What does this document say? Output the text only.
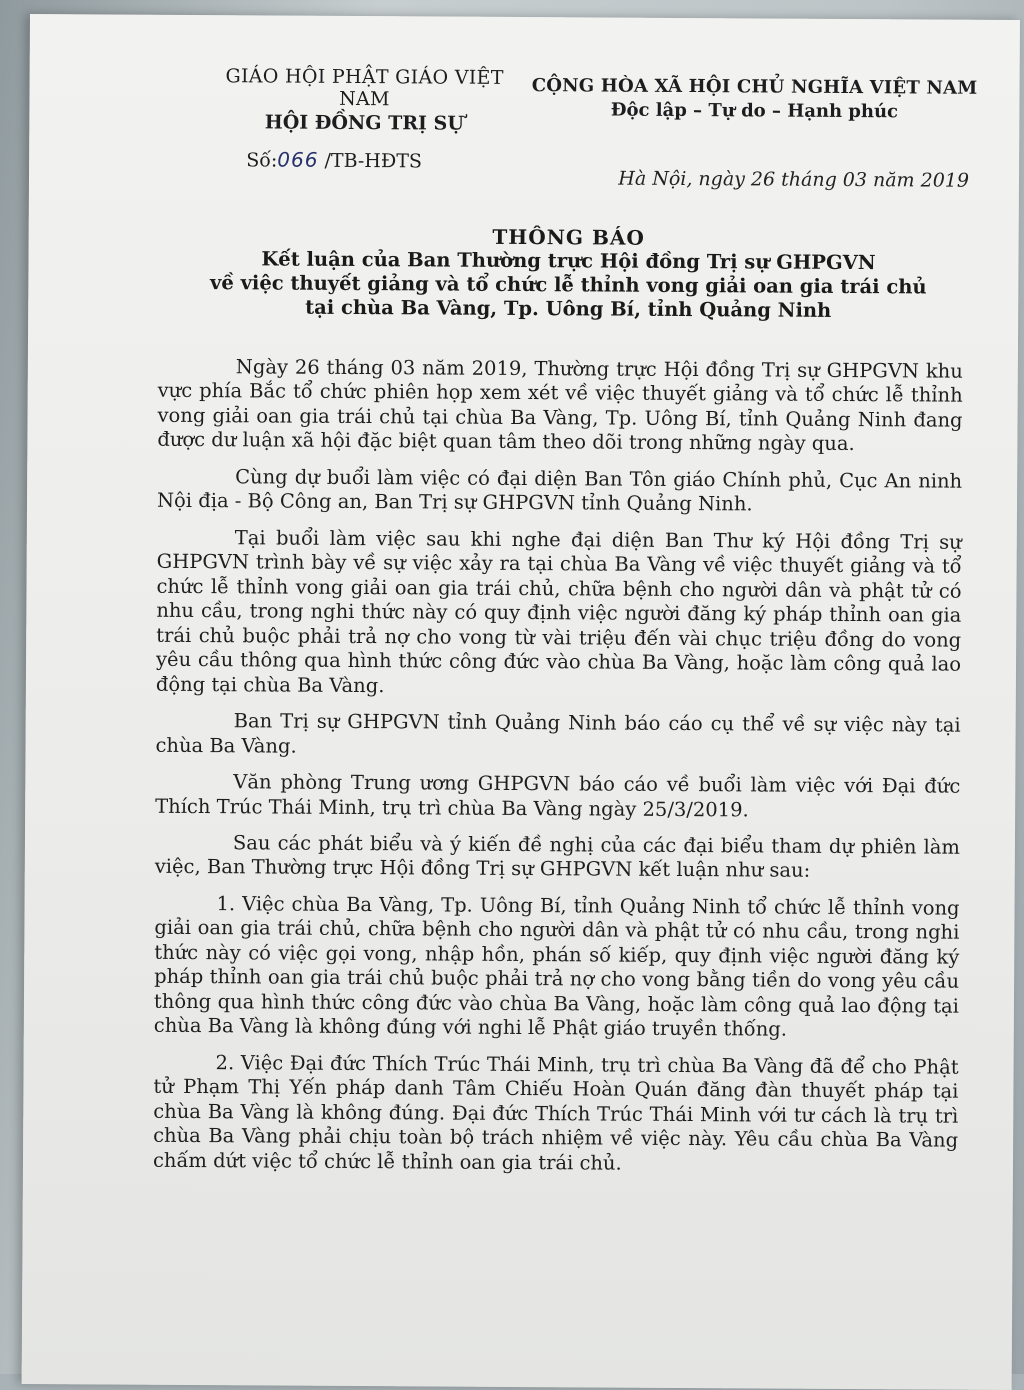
GIÁO HỘI PHẬT GIÁO VIỆT NAM
HỘI ĐỒNG TRỊ SỰ
Số:066 /TB-HĐTS
CỘNG HÒA XÃ HỘI CHỦ NGHĨA VIỆT NAM
Độc lập – Tự do – Hạnh phúc
Hà Nội, ngày 26 tháng 03 năm 2019
THÔNG BÁO
Kết luận của Ban Thường trực Hội đồng Trị sự GHPGVN
về việc thuyết giảng và tổ chức lễ thỉnh vong giải oan gia trái chủ
tại chùa Ba Vàng, Tp. Uông Bí, tỉnh Quảng Ninh

Ngày 26 tháng 03 năm 2019, Thường trực Hội đồng Trị sự GHPGVN khu vực phía Bắc tổ chức phiên họp xem xét về việc thuyết giảng và tổ chức lễ thỉnh vong giải oan gia trái chủ tại chùa Ba Vàng, Tp. Uông Bí, tỉnh Quảng Ninh đang được dư luận xã hội đặc biệt quan tâm theo dõi trong những ngày qua.

Cùng dự buổi làm việc có đại diện Ban Tôn giáo Chính phủ, Cục An ninh Nội địa - Bộ Công an, Ban Trị sự GHPGVN tỉnh Quảng Ninh.

Tại buổi làm việc sau khi nghe đại diện Ban Thư ký Hội đồng Trị sự GHPGVN trình bày về sự việc xảy ra tại chùa Ba Vàng về việc thuyết giảng và tổ chức lễ thỉnh vong giải oan gia trái chủ, chữa bệnh cho người dân và phật tử có nhu cầu, trong nghi thức này có quy định việc người đăng ký pháp thỉnh oan gia trái chủ buộc phải trả nợ cho vong từ vài triệu đến vài chục triệu đồng do vong yêu cầu thông qua hình thức công đức vào chùa Ba Vàng, hoặc làm công quả lao động tại chùa Ba Vàng.

Ban Trị sự GHPGVN tỉnh Quảng Ninh báo cáo cụ thể về sự việc này tại chùa Ba Vàng.

Văn phòng Trung ương GHPGVN báo cáo về buổi làm việc với Đại đức Thích Trúc Thái Minh, trụ trì chùa Ba Vàng ngày 25/3/2019.

Sau các phát biểu và ý kiến đề nghị của các đại biểu tham dự phiên làm việc, Ban Thường trực Hội đồng Trị sự GHPGVN kết luận như sau:

1. Việc chùa Ba Vàng, Tp. Uông Bí, tỉnh Quảng Ninh tổ chức lễ thỉnh vong giải oan gia trái chủ, chữa bệnh cho người dân và phật tử có nhu cầu, trong nghi thức này có việc gọi vong, nhập hồn, phán số kiếp, quy định việc người đăng ký pháp thỉnh oan gia trái chủ buộc phải trả nợ cho vong bằng tiền do vong yêu cầu thông qua hình thức công đức vào chùa Ba Vàng, hoặc làm công quả lao động tại chùa Ba Vàng là không đúng với nghi lễ Phật giáo truyền thống.

2. Việc Đại đức Thích Trúc Thái Minh, trụ trì chùa Ba Vàng đã để cho Phật tử Phạm Thị Yến pháp danh Tâm Chiếu Hoàn Quán đăng đàn thuyết pháp tại chùa Ba Vàng là không đúng. Đại đức Thích Trúc Thái Minh với tư cách là trụ trì chùa Ba Vàng phải chịu toàn bộ trách nhiệm về việc này. Yêu cầu chùa Ba Vàng chấm dứt việc tổ chức lễ thỉnh oan gia trái chủ.
